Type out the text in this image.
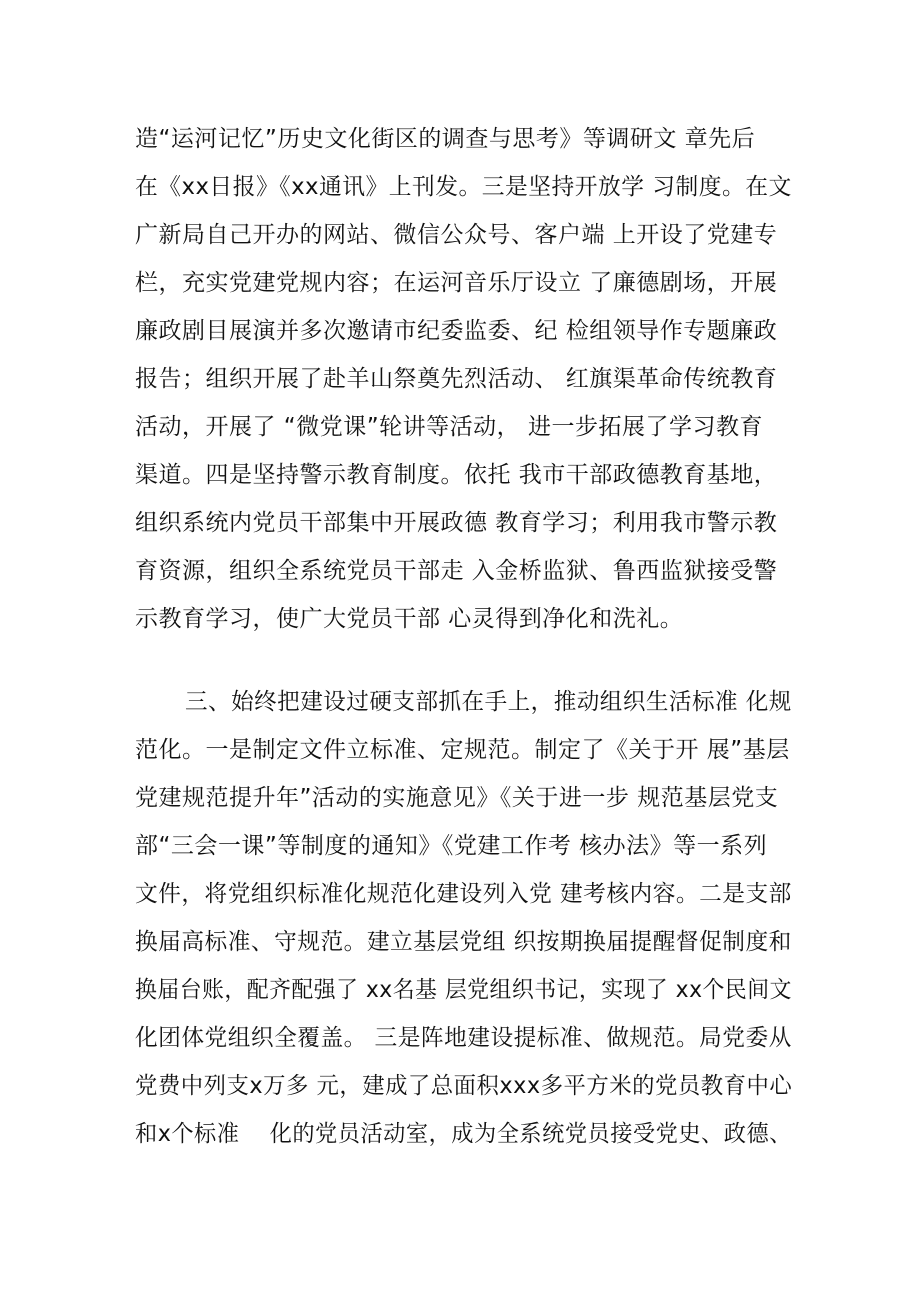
造“运河记忆”历史文化街区的调查与思考》等调研文 章先后
在《xx日报》《xx通讯》上刊发。三是坚持开放学 习制度。在文
广新局自己开办的网站、微信公众号、客户端 上开设了党建专
栏，充实党建党规内容；在运河音乐厅设立 了廉德剧场，开展
廉政剧目展演并多次邀请市纪委监委、纪 检组领导作专题廉政
报告；组织开展了赴羊山祭奠先烈活动、 红旗渠革命传统教育
活动，开展了 “微党课”轮讲等活动， 进一步拓展了学习教育
渠道。四是坚持警示教育制度。依托 我市干部政德教育基地，
组织系统内党员干部集中开展政德 教育学习；利用我市警示教
育资源，组织全系统党员干部走 入金桥监狱、鲁西监狱接受警
示教育学习，使广大党员干部 心灵得到净化和洗礼。
三、始终把建设过硬支部抓在手上，推动组织生活标准 化规
范化。一是制定文件立标准、定规范。制定了《关于开 展”基层
党建规范提升年”活动的实施意见》《关于进一步 规范基层党支
部“三会一课”等制度的通知》《党建工作考 核办法》等一系列
文件，将党组织标准化规范化建设列入党 建考核内容。二是支部
换届高标准、守规范。建立基层党组 织按期换届提醒督促制度和
换届台账，配齐配强了 xx名基 层党组织书记，实现了 xx个民间文
化团体党组织全覆盖。 三是阵地建设提标准、做规范。局党委从
党费中列支x万多 元，建成了总面积xxx多平方米的党员教育中心
和x个标准    化的党员活动室，成为全系统党员接受党史、政德、
